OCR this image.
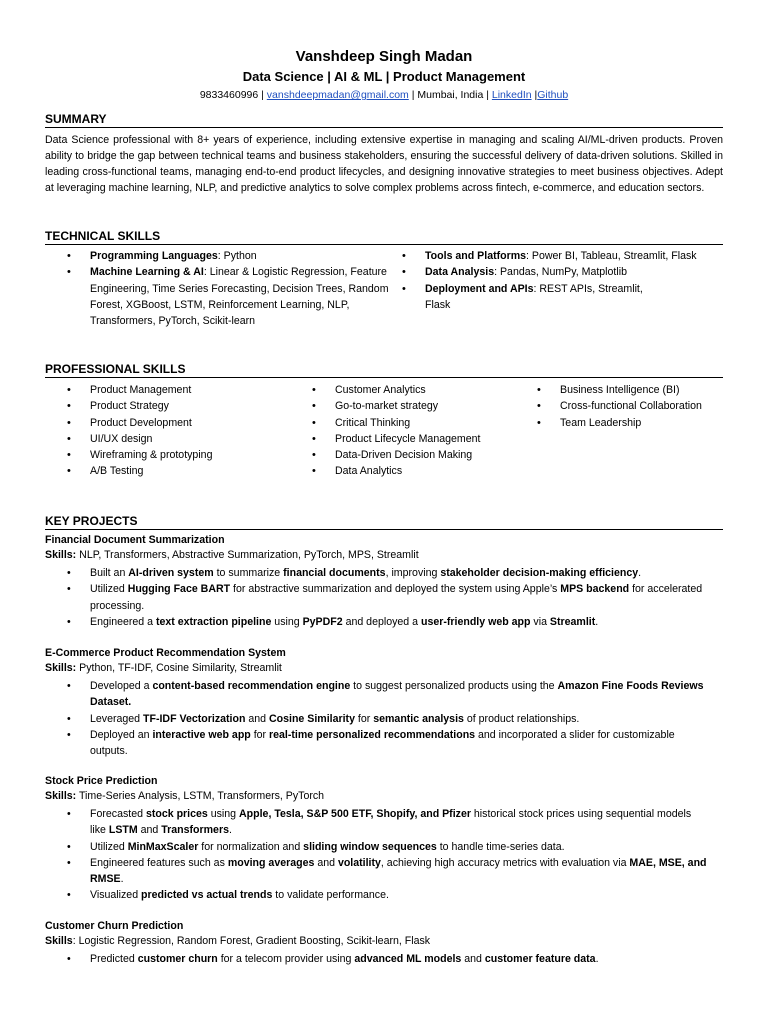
Vanshdeep Singh Madan
Data Science | AI & ML | Product Management
9833460996 | vanshdeepmadan@gmail.com | Mumbai, India | LinkedIn |Github
SUMMARY
Data Science professional with 8+ years of experience, including extensive expertise in managing and scaling AI/ML-driven products. Proven ability to bridge the gap between technical teams and business stakeholders, ensuring the successful delivery of data-driven solutions. Skilled in leading cross-functional teams, managing end-to-end product lifecycles, and designing innovative strategies to meet business objectives. Adept at leveraging machine learning, NLP, and predictive analytics to solve complex problems across fintech, e-commerce, and education sectors.
TECHNICAL SKILLS
• Programming Languages: Python
• Machine Learning & AI: Linear & Logistic Regression, Feature Engineering, Time Series Forecasting, Decision Trees, Random Forest, XGBoost, LSTM, Reinforcement Learning, NLP, Transformers, PyTorch, Scikit-learn
• Tools and Platforms: Power BI, Tableau, Streamlit, Flask
• Data Analysis: Pandas, NumPy, Matplotlib
• Deployment and APIs: REST APIs, Streamlit, Flask
PROFESSIONAL SKILLS
• Product Management
• Product Strategy
• Product Development
• UI/UX design
• Wireframing & prototyping
• A/B Testing
• Customer Analytics
• Go-to-market strategy
• Critical Thinking
• Product Lifecycle Management
• Data-Driven Decision Making
• Data Analytics
• Business Intelligence (BI)
• Cross-functional Collaboration
• Team Leadership
KEY PROJECTS
Financial Document Summarization
Skills: NLP, Transformers, Abstractive Summarization, PyTorch, MPS, Streamlit
• Built an AI-driven system to summarize financial documents, improving stakeholder decision-making efficiency.
• Utilized Hugging Face BART for abstractive summarization and deployed the system using Apple’s MPS backend for accelerated processing.
• Engineered a text extraction pipeline using PyPDF2 and deployed a user-friendly web app via Streamlit.
E-Commerce Product Recommendation System
Skills: Python, TF-IDF, Cosine Similarity, Streamlit
• Developed a content-based recommendation engine to suggest personalized products using the Amazon Fine Foods Reviews Dataset.
• Leveraged TF-IDF Vectorization and Cosine Similarity for semantic analysis of product relationships.
• Deployed an interactive web app for real-time personalized recommendations and incorporated a slider for customizable outputs.
Stock Price Prediction
Skills: Time-Series Analysis, LSTM, Transformers, PyTorch
• Forecasted stock prices using Apple, Tesla, S&P 500 ETF, Shopify, and Pfizer historical stock prices using sequential models like LSTM and Transformers.
• Utilized MinMaxScaler for normalization and sliding window sequences to handle time-series data.
• Engineered features such as moving averages and volatility, achieving high accuracy metrics with evaluation via MAE, MSE, and RMSE.
• Visualized predicted vs actual trends to validate performance.
Customer Churn Prediction
Skills: Logistic Regression, Random Forest, Gradient Boosting, Scikit-learn, Flask
• Predicted customer churn for a telecom provider using advanced ML models and customer feature data.
